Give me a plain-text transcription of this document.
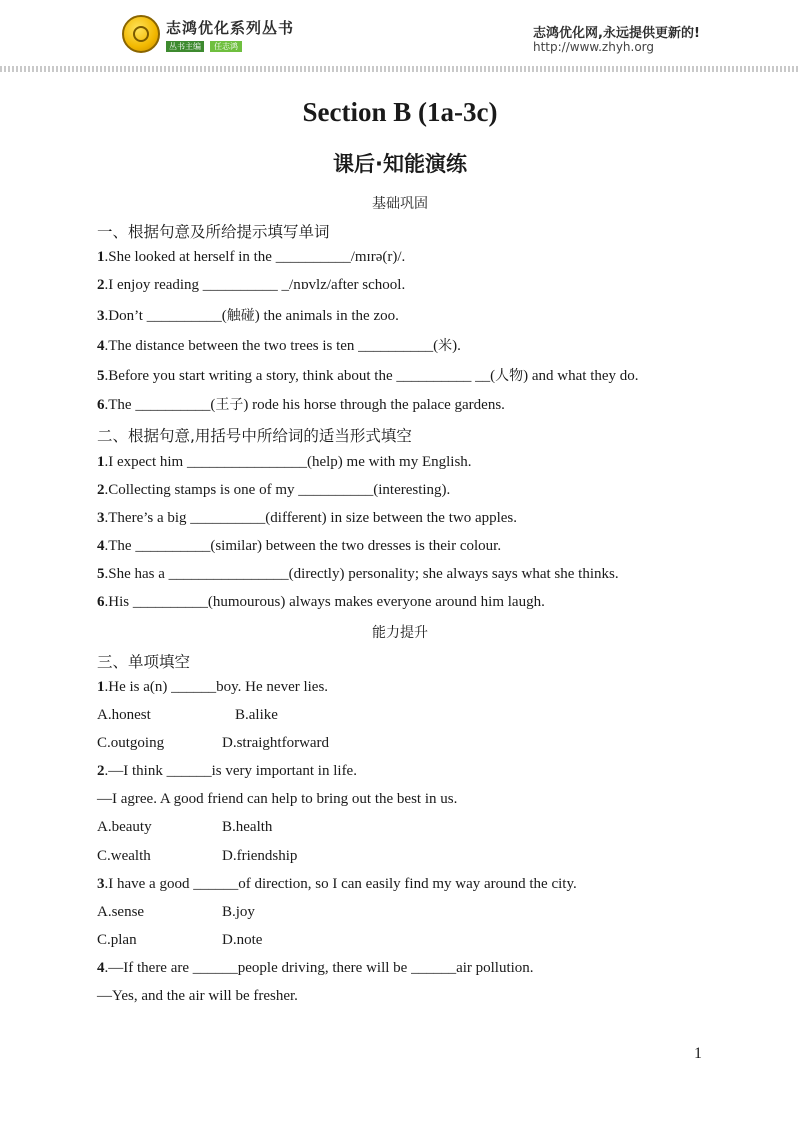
志鸿优化系列丛书
丛书主编	任志鸿
志鸿优化网,永远提供更新的!
http://www.zhyh.org
Section B (1a-3c)
课后·知能演练
基础巩固
一、根据句意及所给提示填写单词
1.She looked at herself in the __________/mɪrə(r)/.
2.I enjoy reading __________ _/nɒvlz/after school.
3.Don’t __________(触碰) the animals in the zoo.
4.The distance between the two trees is ten __________(米).
5.Before you start writing a story, think about the __________ __(人物) and what they do.
6.The __________(王子) rode his horse through the palace gardens.
二、根据句意,用括号中所给词的适当形式填空
1.I expect him ________________(help) me with my English.
2.Collecting stamps is one of my __________(interesting).
3.There’s a big __________(different) in size between the two apples.
4.The __________(similar) between the two dresses is their colour.
5.She has a ________________(directly) personality; she always says what she thinks.
6.His __________(humourous) always makes everyone around him laugh.
能力提升
三、单项填空
1.He is a(n) ______boy. He never lies.
A.honest	B.alike
C.outgoing	D.straightforward
2.—I think ______is very important in life.
—I agree. A good friend can help to bring out the best in us.
A.beauty	B.health
C.wealth	D.friendship
3.I have a good ______of direction, so I can easily find my way around the city.
A.sense	B.joy
C.plan	D.note
4.—If there are ______people driving, there will be ______air pollution.
—Yes, and the air will be fresher.
1
